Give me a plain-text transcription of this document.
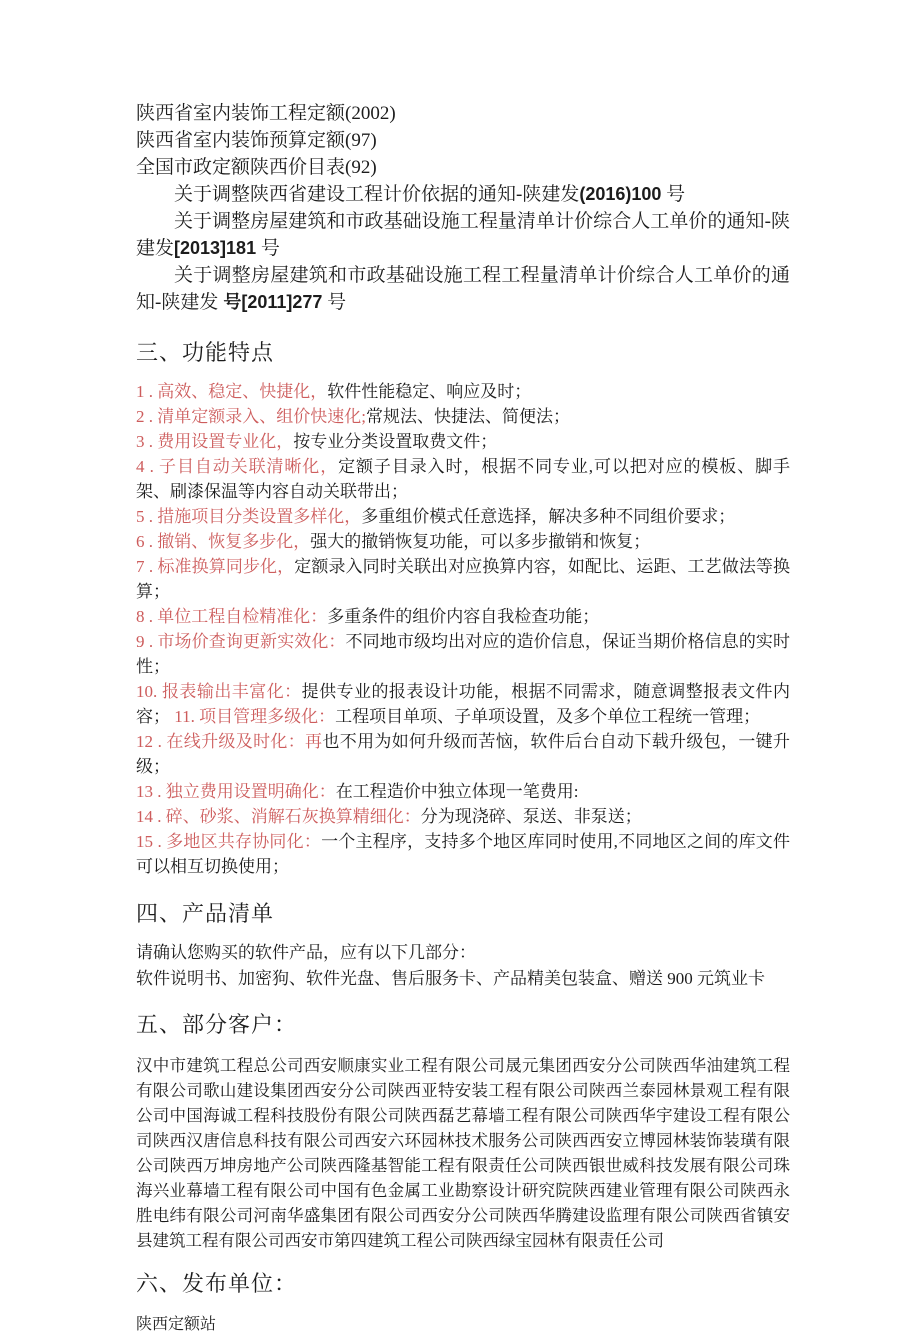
陕西省室内装饰工程定额(2002)

陕西省室内装饰预算定额(97)

全国市政定额陕西价目表(92)

关于调整陕西省建设工程计价依据的通知-陕建发(2016)100 号

关于调整房屋建筑和市政基础设施工程量清单计价综合人工单价的通知-陕建发[2013]181 号

关于调整房屋建筑和市政基础设施工程工程量清单计价综合人工单价的通知-陕建发 号[2011]277 号

三、功能特点

1 . 高效、稳定、快捷化，软件性能稳定、响应及时；

2 . 清单定额录入、组价快速化;常规法、快捷法、简便法；

3 . 费用设置专业化，按专业分类设置取费文件；

4 . 子目自动关联清晰化，定额子目录入时，根据不同专业,可以把对应的模板、脚手架、刷漆保温等内容自动关联带出；

5 . 措施项目分类设置多样化，多重组价模式任意选择，解决多种不同组价要求；

6 . 撤销、恢复多步化，强大的撤销恢复功能，可以多步撤销和恢复；

7 . 标准换算同步化，定额录入同时关联出对应换算内容，如配比、运距、工艺做法等换算；

8 . 单位工程自检精准化：多重条件的组价内容自我检查功能；

9 . 市场价查询更新实效化：不同地市级均出对应的造价信息，保证当期价格信息的实时性；

10. 报表输出丰富化：提供专业的报表设计功能，根据不同需求，随意调整报表文件内容； 11. 项目管理多级化：工程项目单项、子单项设置，及多个单位工程统一管理；

12 . 在线升级及时化：再也不用为如何升级而苦恼，软件后台自动下载升级包，一键升级；

13 . 独立费用设置明确化：在工程造价中独立体现一笔费用:

14 . 碎、砂浆、消解石灰换算精细化：分为现浇碎、泵送、非泵送；

15 . 多地区共存协同化：一个主程序，支持多个地区库同时使用,不同地区之间的库文件可以相互切换使用；

四、产品清单

请确认您购买的软件产品，应有以下几部分：

软件说明书、加密狗、软件光盘、售后服务卡、产品精美包装盒、赠送 900 元筑业卡

五、部分客户：

汉中市建筑工程总公司西安顺康实业工程有限公司晟元集团西安分公司陕西华油建筑工程有限公司歌山建设集团西安分公司陕西亚特安装工程有限公司陕西兰泰园林景观工程有限公司中国海诚工程科技股份有限公司陕西磊艺幕墙工程有限公司陕西华宇建设工程有限公司陕西汉唐信息科技有限公司西安六环园林技术服务公司陕西西安立博园林装饰装璜有限公司陕西万坤房地产公司陕西隆基智能工程有限责任公司陕西银世威科技发展有限公司珠海兴业幕墙工程有限公司中国有色金属工业勘察设计研究院陕西建业管理有限公司陕西永胜电纬有限公司河南华盛集团有限公司西安分公司陕西华腾建设监理有限公司陕西省镇安县建筑工程有限公司西安市第四建筑工程公司陕西绿宝园林有限责任公司

六、发布单位：

陕西定额站
